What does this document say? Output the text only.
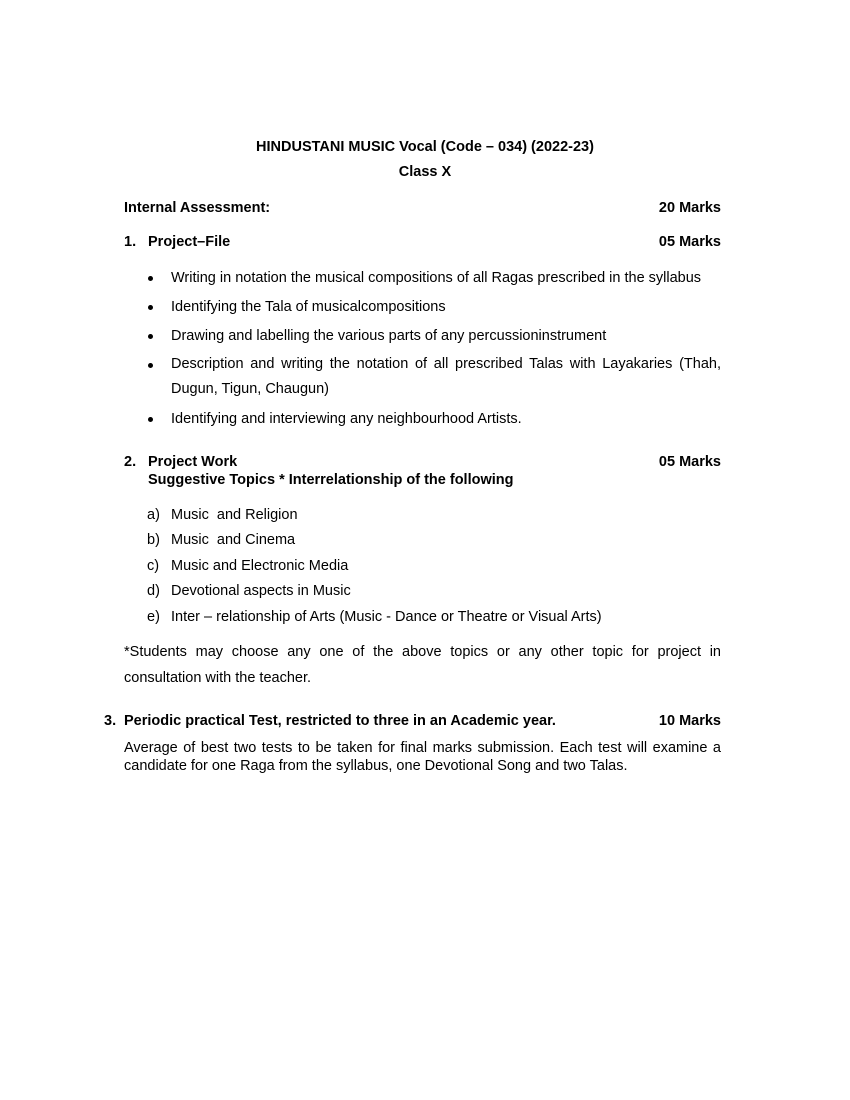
HINDUSTANI MUSIC Vocal (Code – 034) (2022-23)
Class X
Internal Assessment:	20 Marks
1. Project–File	05 Marks
Writing in notation the musical compositions of all Ragas prescribed in the syllabus
Identifying the Tala of musicalcompositions
Drawing and labelling the various parts of any percussioninstrument
Description and writing the notation of all prescribed Talas with Layakaries (Thah, Dugun, Tigun, Chaugun)
Identifying and interviewing any neighbourhood Artists.
2. Project Work	05 Marks
Suggestive Topics * Interrelationship of the following
a) Music  and Religion
b) Music  and Cinema
c) Music and Electronic Media
d) Devotional aspects in Music
e) Inter – relationship of Arts (Music - Dance or Theatre or Visual Arts)
*Students may choose any one of the above topics or any other topic for project in consultation with the teacher.
3. Periodic practical Test, restricted to three in an Academic year.	10 Marks
Average of best two tests to be taken for final marks submission. Each test will examine a candidate for one Raga from the syllabus, one Devotional Song and two Talas.
